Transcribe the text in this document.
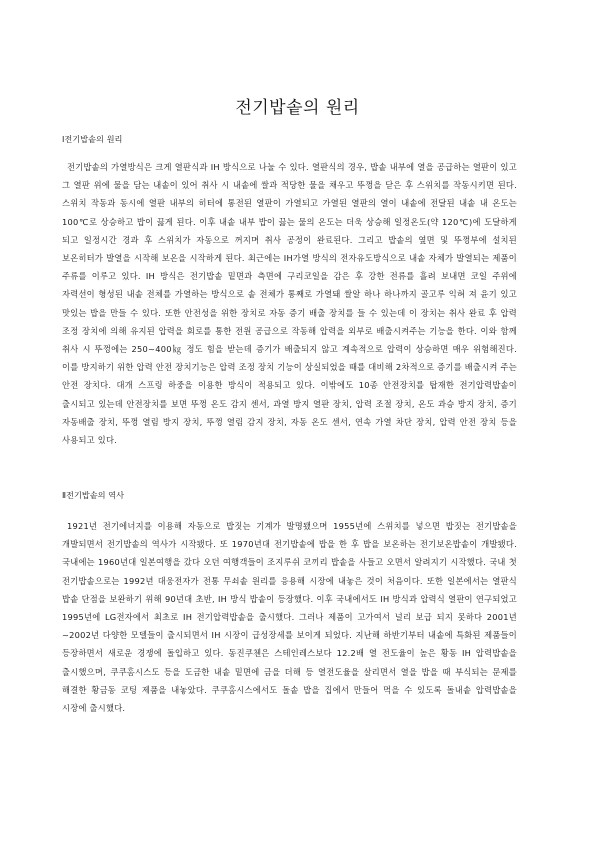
전기밥솥의 원리
Ⅰ전기밥솥의 원리
전기밥솥의 가열방식은 크게 열판식과 IH 방식으로 나눌 수 있다. 열판식의 경우, 밥솥 내부에 열을 공급하는 열판이 있고 그 열판 위에 물을 담는 내솥이 있어 취사 시 내솥에 쌀과 적당한 물을 채우고 뚜껑을 닫은 후 스위치를 작동시키면 된다. 스위치 작동과 동시에 열판 내부의 히터에 통전된 열판이 가열되고 가열된 열판의 열이 내솥에 전달된 내솥 내 온도는 100℃로 상승하고 밥이 끓게 된다. 이후 내솥 내부 밥이 끓는 물의 온도는 더욱 상승해 일정온도(약 120℃)에 도달하게 되고 일정시간 경과 후 스위치가 자동으로 꺼지며 취사 공정이 완료된다. 그리고 밥솥의 옆면 및 뚜껑부에 설치된 보온히터가 발열을 시작해 보온을 시작하게 된다. 최근에는 IH가열 방식의 전자유도방식으로 내솥 자체가 발열되는 제품이 주류를 이루고 있다. IH 방식은 전기밥솥 밑면과 측면에 구리코일을 감은 후 강한 전류를 흘려 보내면 코일 주위에 자력선이 형성된 내솥 전체를 가열하는 방식으로 솥 전체가 통째로 가열돼 쌀알 하나 하나까지 골고루 익혀 져 윤기 있고 맛있는 밥을 만들 수 있다. 또한 안전성을 위한 장치로 자동 증기 배출 장치를 들 수 있는데 이 장치는 취사 완료 후 압력 조정 장치에 의해 유지된 압력을 회로를 통한 전원 공급으로 작동해 압력을 외부로 배출시켜주는 기능을 한다. 이와 함께 취사 시 뚜껑에는 250~400㎏ 정도 힘을 받는데 증기가 배출되지 않고 계속적으로 압력이 상승하면 매우 위험해진다. 이를 방지하기 위한 압력 안전 장치기능은 압력 조정 장치 기능이 상실되었을 때를 대비해 2차적으로 증기를 배출시켜 주는 안전 장치다. 대개 스프링 하중을 이용한 방식이 적용되고 있다. 이밖에도 10종 안전장치를 탑재한 전기압력밥솥이 출시되고 있는데 안전장치를 보면 뚜껑 온도 감지 센서, 과열 방지 열판 장치, 압력 조절 장치, 온도 과승 방지 장치, 증기 자동배출 장치, 뚜껑 열림 방지 장치, 뚜껑 열림 감지 장치, 자동 온도 센서, 연속 가열 차단 장치, 압력 안전 장치 등을 사용되고 있다.
Ⅱ전기밥솥의 역사
1921년 전기에너지를 이용해 자동으로 밥짓는 기계가 발명됐으며 1955년에 스위치를 넣으면 밥짓는 전기밥솥을 개발되면서 전기밥솥의 역사가 시작됐다. 또 1970년대 전기밥솥에 밥을 한 후 밥을 보온하는 전기보온밥솥이 개발됐다. 국내에는 1960년대 일본여행을 갔다 오던 여행객들이 조지루쉬 코끼리 밥솥을 사들고 오면서 알려지기 시작했다. 국내 첫 전기밥솥으로는 1992년 대웅전자가 전통 무쇠솥 원리를 응용해 시장에 내놓은 것이 처음이다. 또한 일본에서는 열판식 밥솥 단점을 보완하기 위해 90년대 초반, IH 방식 밥솥이 등장했다. 이후 국내에서도 IH 방식과 압력식 열판이 연구되었고 1995년에 LG전자에서 최초로 IH 전기압력밥솥을 출시했다. 그러나 제품이 고가여서 널리 보급 되지 못하다 2001년~2002년 다양한 모델들이 출시되면서 IH 시장이 급성장세를 보이게 되었다. 지난해 하반기부터 내솥에 특화된 제품들이 등장하면서 새로운 경쟁에 돌입하고 있다. 동진쿠첸은 스테인레스보다 12.2배 열 전도율이 높은 황동 IH 압력밥솥을 출시했으며, 쿠쿠홈시스도 등을 도금한 내솥 밑면에 금을 더해 등 열전도율을 살리면서 열을 밥을 때 부식되는 문제를 해결한 황금동 코팅 제품을 내놓았다. 쿠쿠홈시스에서도 돌솥 밥을 집에서 만들어 먹을 수 있도록 돌내솥 압력밥솥을 시장에 출시했다.
